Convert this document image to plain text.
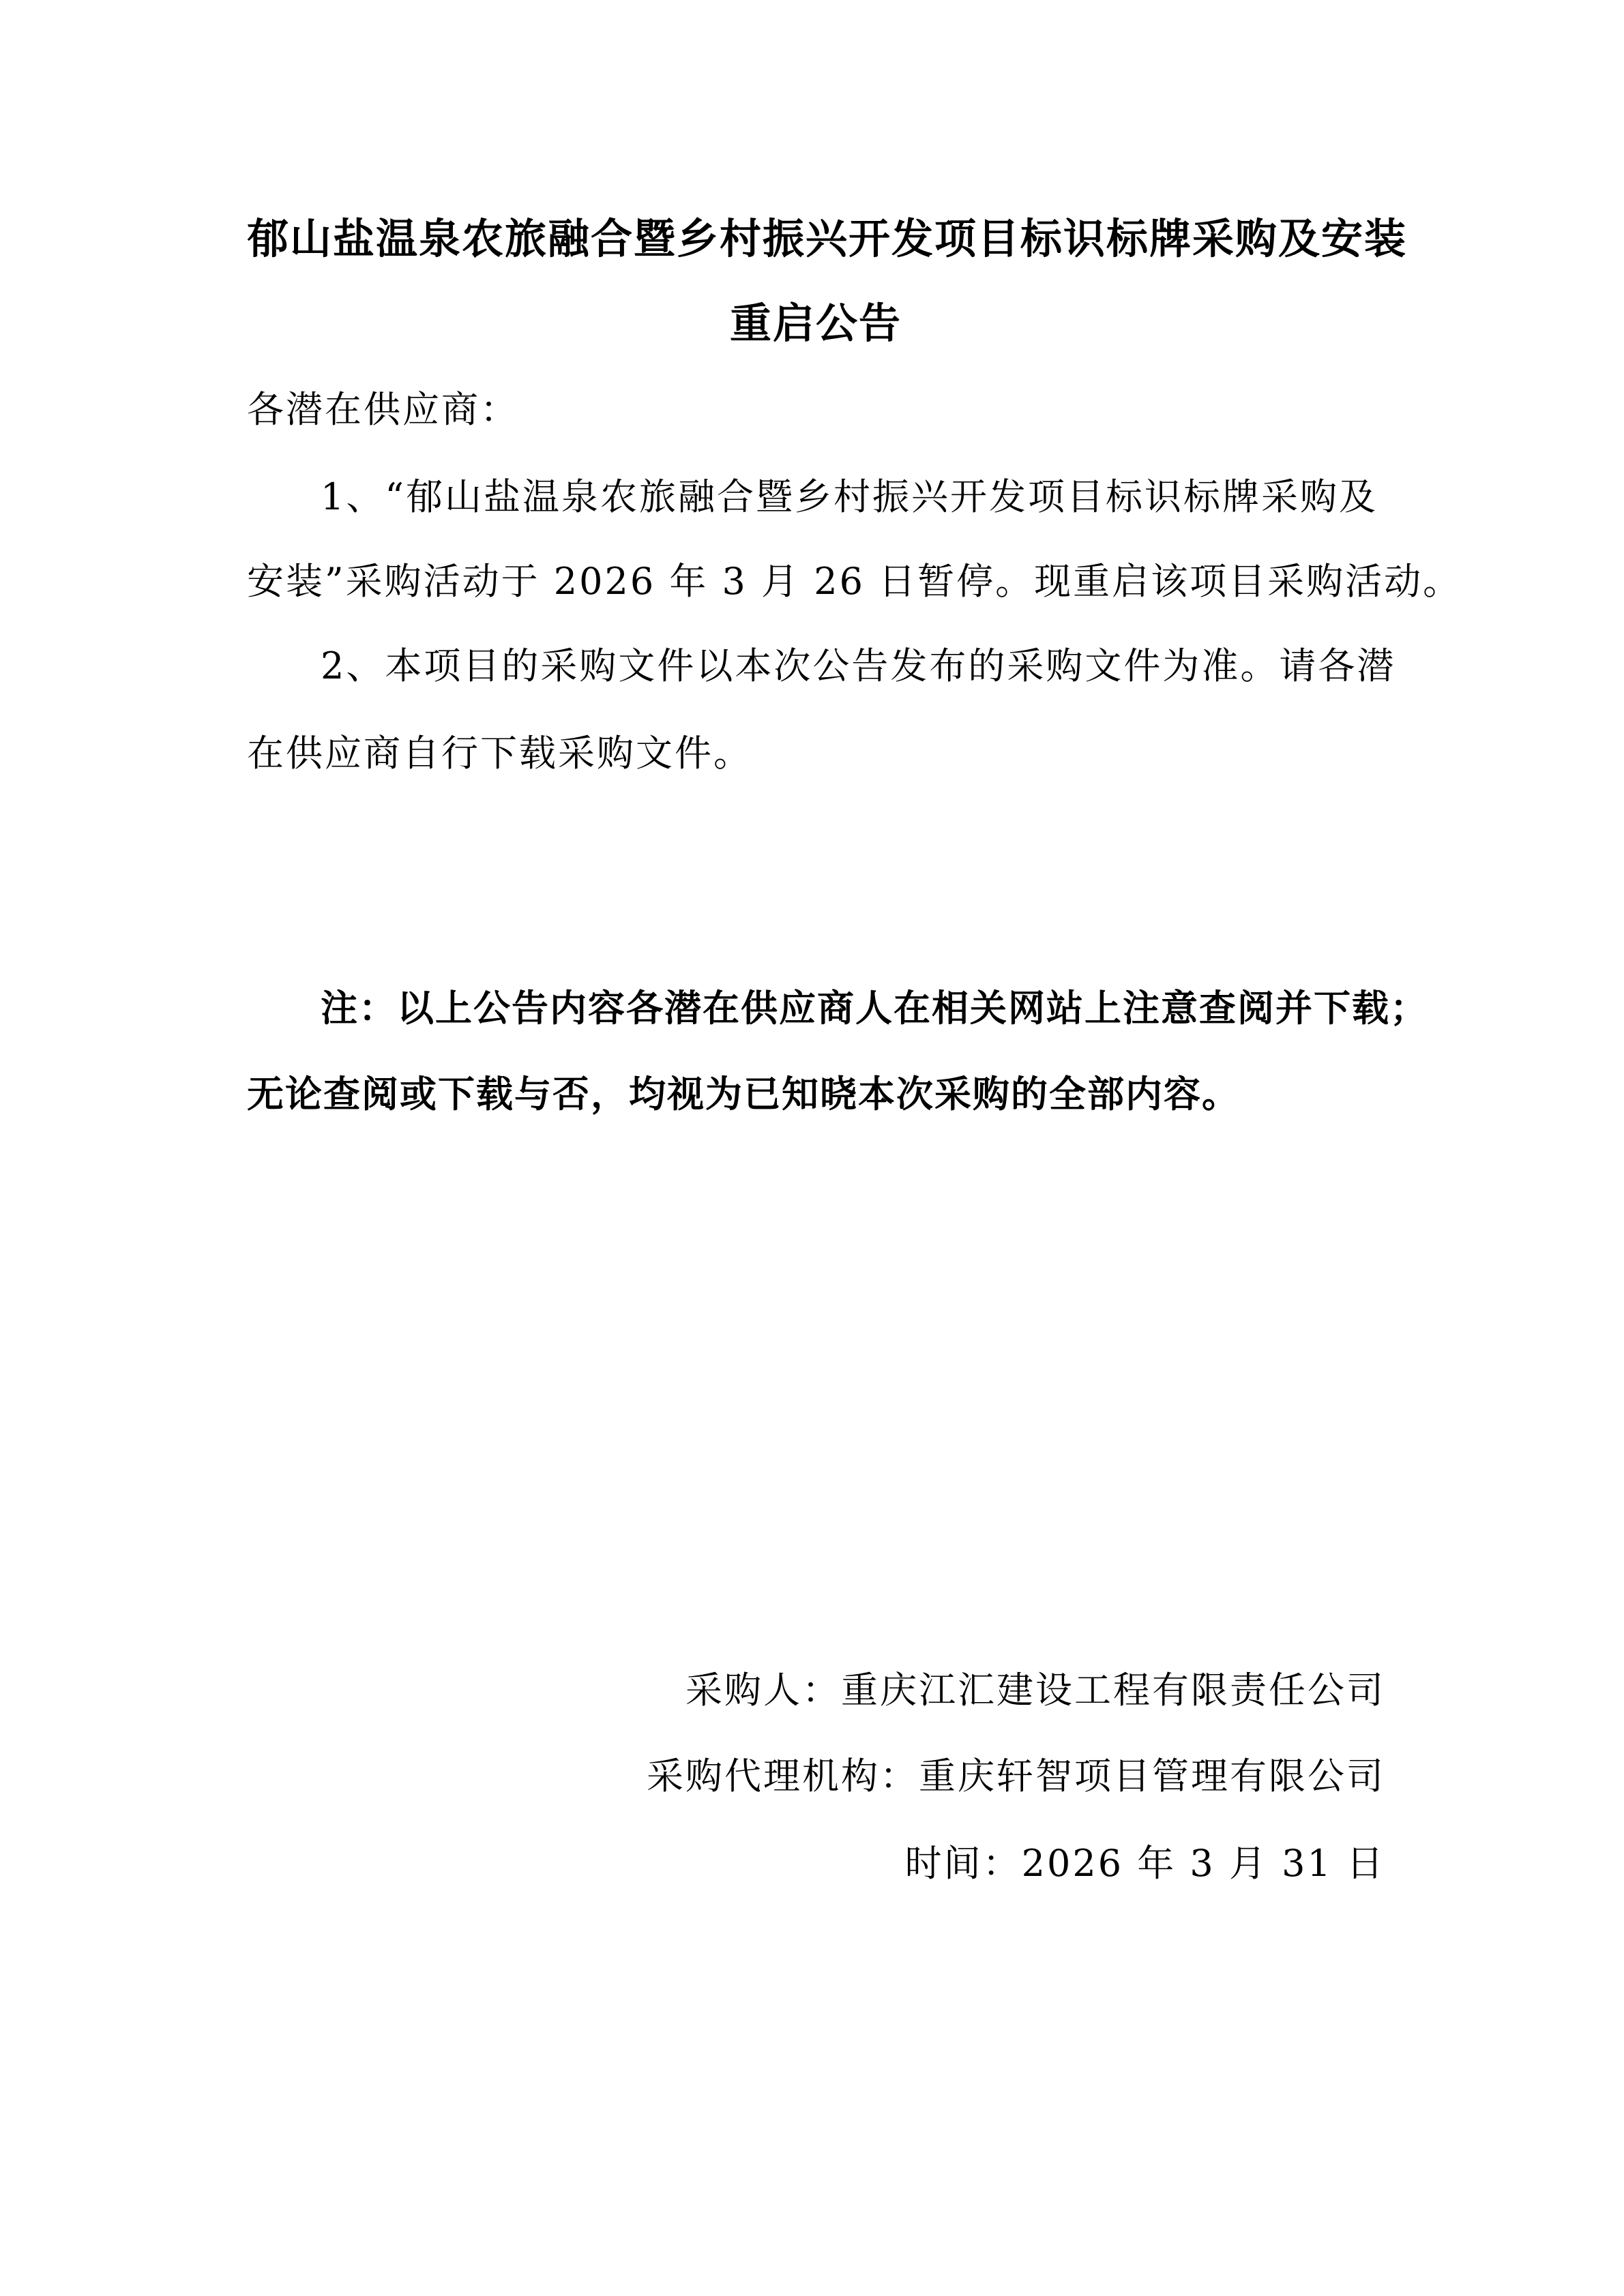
郁山盐温泉农旅融合暨乡村振兴开发项目标识标牌采购及安装
重启公告
各潜在供应商：
1、“郁山盐温泉农旅融合暨乡村振兴开发项目标识标牌采购及
安装”采购活动于 2026 年 3 月 26 日暂停。现重启该项目采购活动。
2、本项目的采购文件以本次公告发布的采购文件为准。请各潜
在供应商自行下载采购文件。
注：以上公告内容各潜在供应商人在相关网站上注意查阅并下载；
无论查阅或下载与否，均视为已知晓本次采购的全部内容。
采购人：重庆江汇建设工程有限责任公司
采购代理机构：重庆轩智项目管理有限公司
时间：2026 年 3 月 31 日
